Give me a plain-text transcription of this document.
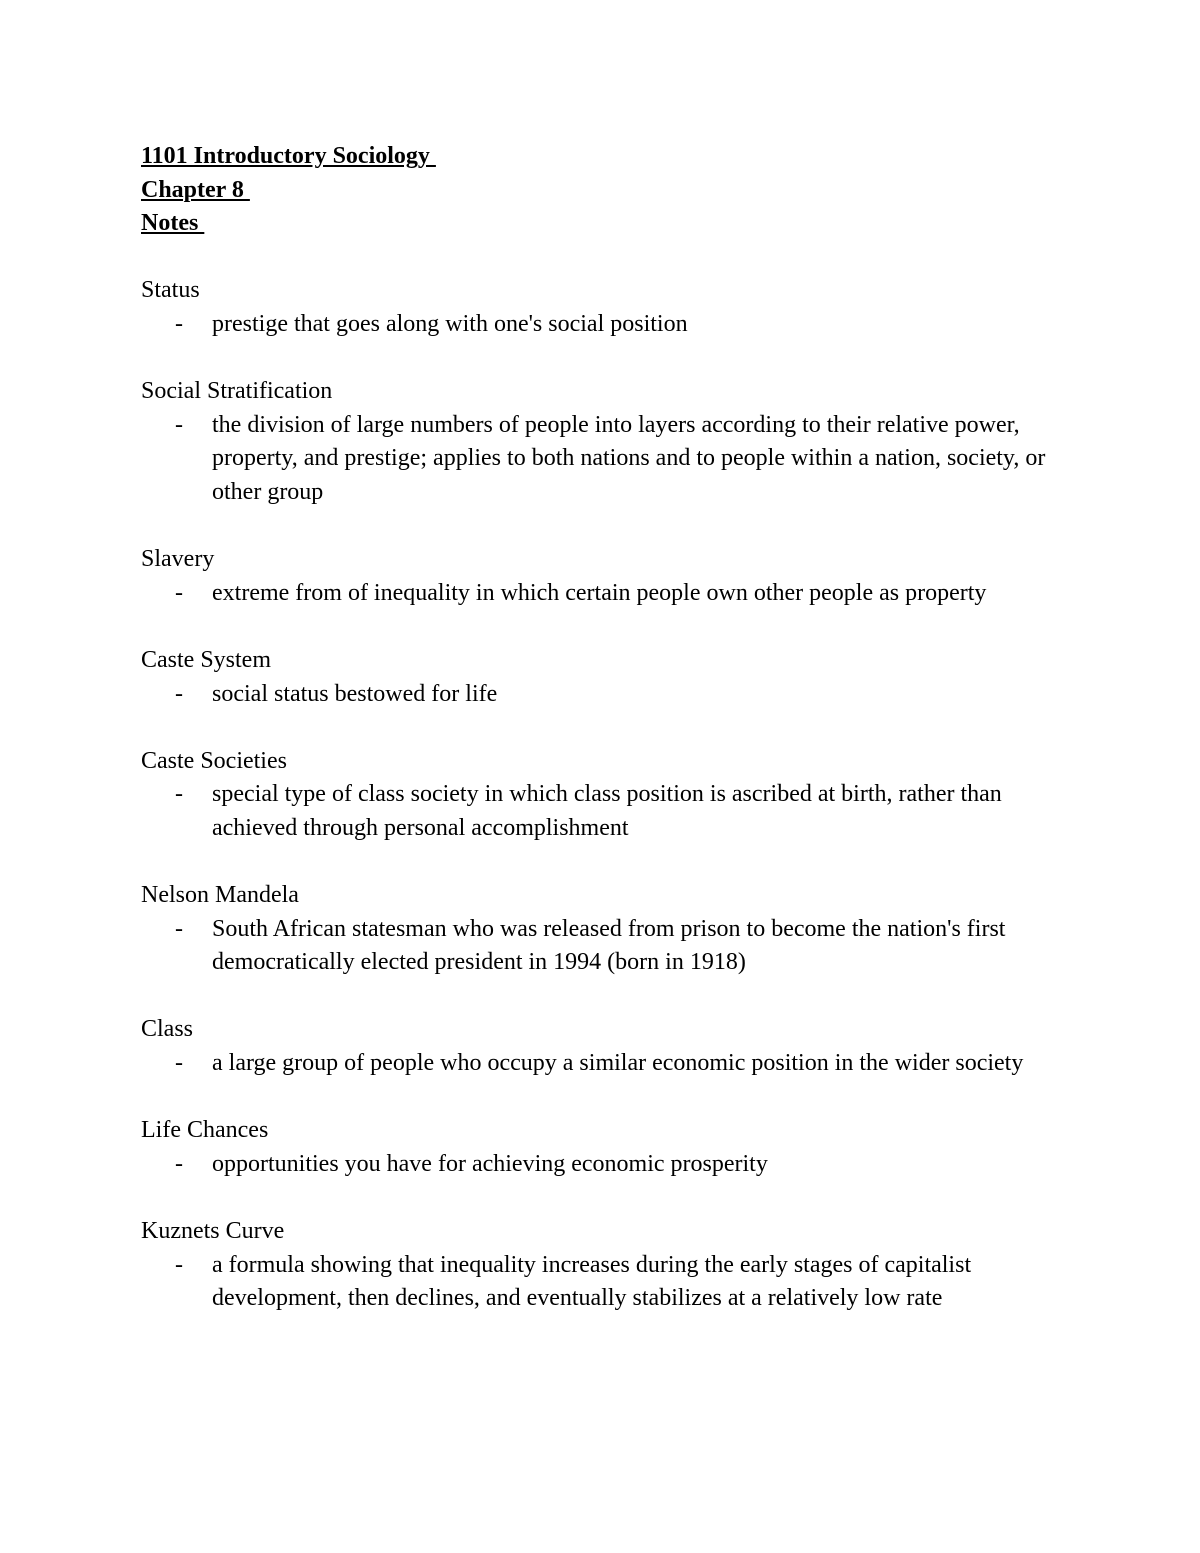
1101 Introductory Sociology

Chapter 8

Notes

Status

- prestige that goes along with one's social position

Social Stratification

- the division of large numbers of people into layers according to their relative power, property, and prestige; applies to both nations and to people within a nation, society, or other group

Slavery

- extreme from of inequality in which certain people own other people as property

Caste System

- social status bestowed for life

Caste Societies

- special type of class society in which class position is ascribed at birth, rather than achieved through personal accomplishment

Nelson Mandela

- South African statesman who was released from prison to become the nation's first democratically elected president in 1994 (born in 1918)

Class

- a large group of people who occupy a similar economic position in the wider society

Life Chances

- opportunities you have for achieving economic prosperity

Kuznets Curve

- a formula showing that inequality increases during the early stages of capitalist development, then declines, and eventually stabilizes at a relatively low rate
